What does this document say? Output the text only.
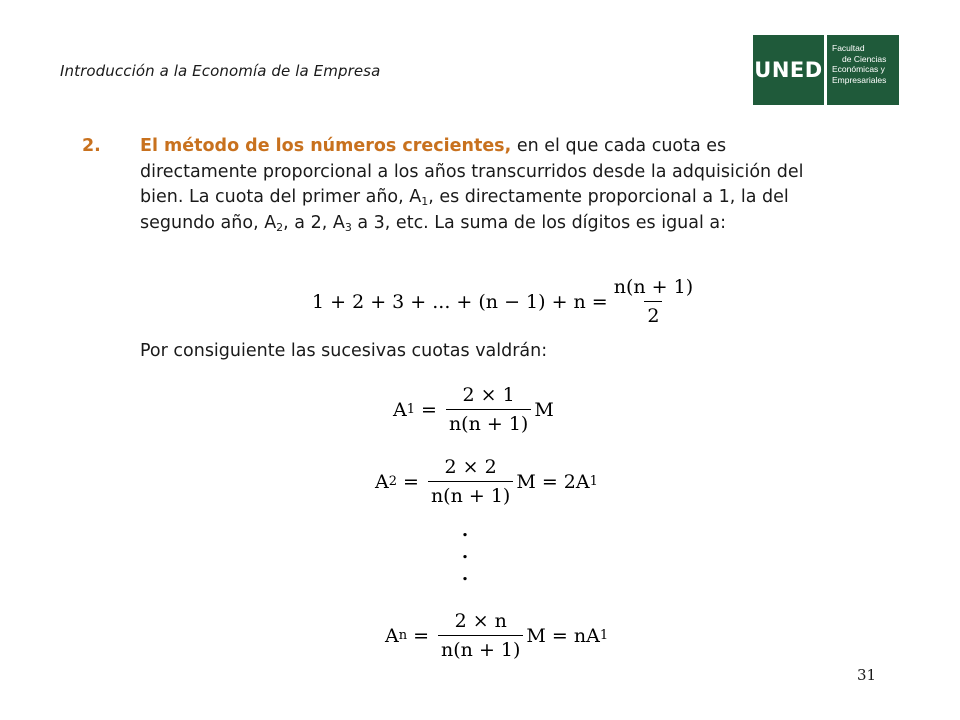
Introducción a la Economía de la Empresa	UNED
Facultad
de Ciencias
Económicas y
Empresariales
2. El método de los números crecientes, en el que cada cuota es directamente proporcional a los años transcurridos desde la adquisición del bien. La cuota del primer año, $A_1$, es directamente proporcional a 1, la del segundo año, $A_2$, a 2, $A_3$ a 3, etc. La suma de los dígitos es igual a:
1 + 2 + 3 + ... + $(n - 1) + n = \frac{n(n + 1)}{2}$
Por consiguiente las sucesivas cuotas valdrán:
A $1 = \frac{2 \times 1}{n(n + 1)}$ M
A $2 = \frac{2 \times 2}{n(n + 1)}$ M = 2A 1
.
.
.
A $n = \frac{2 \times n}{n(n + 1)}$ M = nA 1
31
